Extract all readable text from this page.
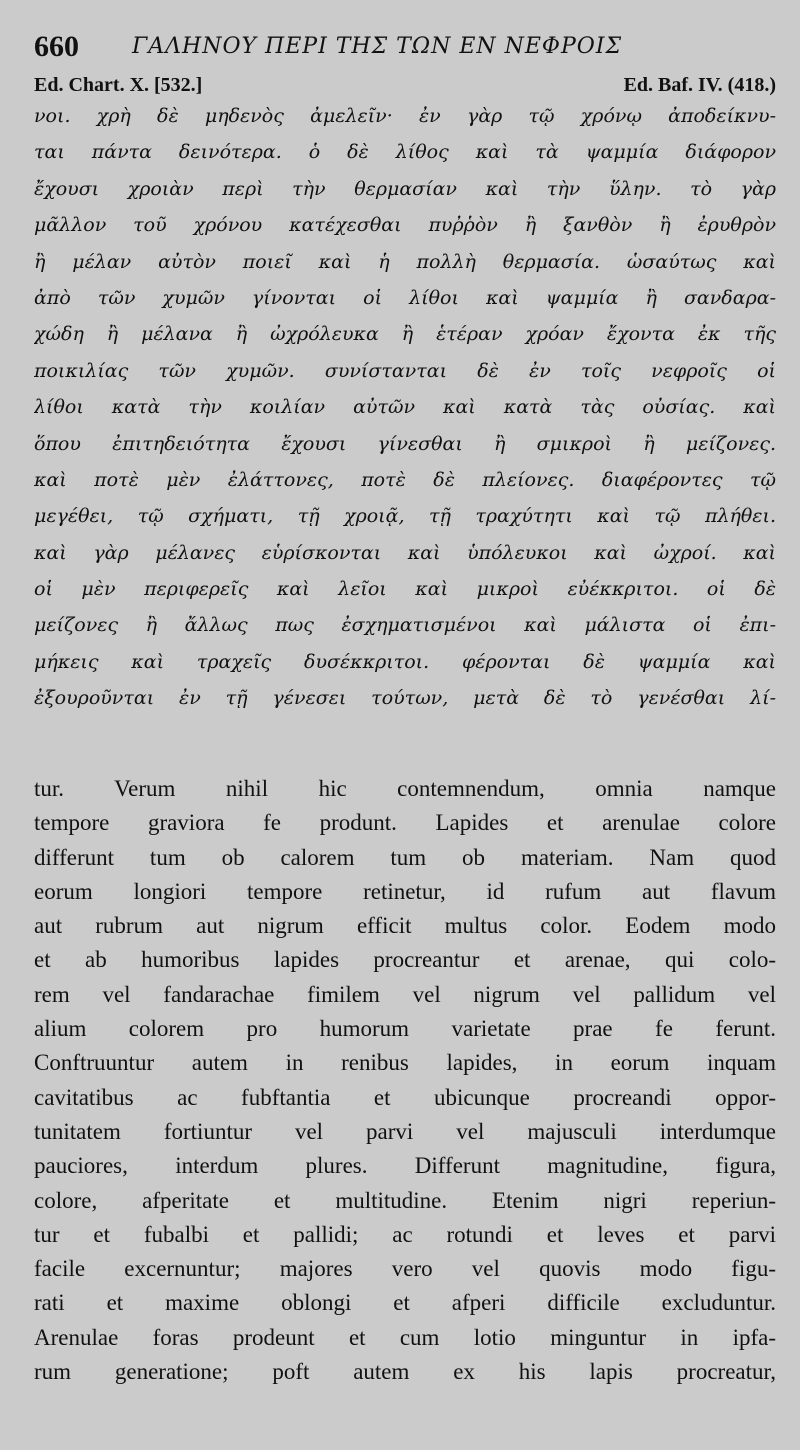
660 ΓΑΛΗΝΟΥ ΠΕΡΙ ΤΗΣ ΤΩΝ ΕΝ ΝΕΦΡΟΙΣ
Ed. Chart. X. [532.]	Ed. Baf. IV. (418.)
νοι. χρὴ δὲ μηδενὸς ἀμελεῖν· ἐν γὰρ τῷ χρόνῳ ἀποδείκνυ-
ται πάντα δεινότερα. ὁ δὲ λίθος καὶ τὰ ψαμμία διάφορον
ἔχουσι χροιὰν περὶ τὴν θερμασίαν καὶ τὴν ὕλην. τὸ γὰρ
μᾶλλον τοῦ χρόνου κατέχεσθαι πυῤῥὸν ἢ ξανθὸν ἢ ἐρυθρὸν
ἢ μέλαν αὐτὸν ποιεῖ καὶ ἡ πολλὴ θερμασία. ὡσαύτως καὶ
ἀπὸ τῶν χυμῶν γίνονται οἱ λίθοι καὶ ψαμμία ἢ σανδαρα-
χώδη ἢ μέλανα ἢ ὠχρόλευκα ἢ ἑτέραν χρόαν ἔχοντα ἐκ τῆς
ποικιλίας τῶν χυμῶν. συνίστανται δὲ ἐν τοῖς νεφροῖς οἱ
λίθοι κατὰ τὴν κοιλίαν αὐτῶν καὶ κατὰ τὰς οὐσίας. καὶ
ὅπου ἐπιτηδειότητα ἔχουσι γίνεσθαι ἢ σμικροὶ ἢ μείζονες.
καὶ ποτὲ μὲν ἐλάττονες, ποτὲ δὲ πλείονες. διαφέροντες τῷ
μεγέθει, τῷ σχήματι, τῇ χροιᾷ, τῇ τραχύτητι καὶ τῷ πλήθει.
καὶ γὰρ μέλανες εὑρίσκονται καὶ ὑπόλευκοι καὶ ὠχροί. καὶ
οἱ μὲν περιφερεῖς καὶ λεῖοι καὶ μικροὶ εὐέκκριτοι. οἱ δὲ
μείζονες ἢ ἄλλως πως ἐσχηματισμένοι καὶ μάλιστα οἱ ἐπι-
μήκεις καὶ τραχεῖς δυσέκκριτοι. φέρονται δὲ ψαμμία καὶ
ἐξουροῦνται ἐν τῇ γένεσει τούτων, μετὰ δὲ τὸ γενέσθαι λί-
tur. Verum nihil hic contemnendum, omnia namque
tempore graviora fe produnt. Lapides et arenulae colore
differunt tum ob calorem tum ob materiam. Nam quod
eorum longiori tempore retinetur, id rufum aut flavum
aut rubrum aut nigrum efficit multus color. Eodem modo
et ab humoribus lapides procreantur et arenae, qui colo-
rem vel fandarachae fimilem vel nigrum vel pallidum vel
alium colorem pro humorum varietate prae fe ferunt.
Conftruuntur autem in renibus lapides, in eorum inquam
cavitatibus ac fubftantia et ubicunque procreandi oppor-
tunitatem fortiuntur vel parvi vel majusculi interdumque
pauciores, interdum plures. Differunt magnitudine, figura,
colore, afperitate et multitudine. Etenim nigri reperiun-
tur et fubalbi et pallidi; ac rotundi et leves et parvi
facile excernuntur; majores vero vel quovis modo figu-
rati et maxime oblongi et afperi difficile excluduntur.
Arenulae foras prodeunt et cum lotio minguntur in ipfa-
rum generatione; poft autem ex his lapis procreatur,
